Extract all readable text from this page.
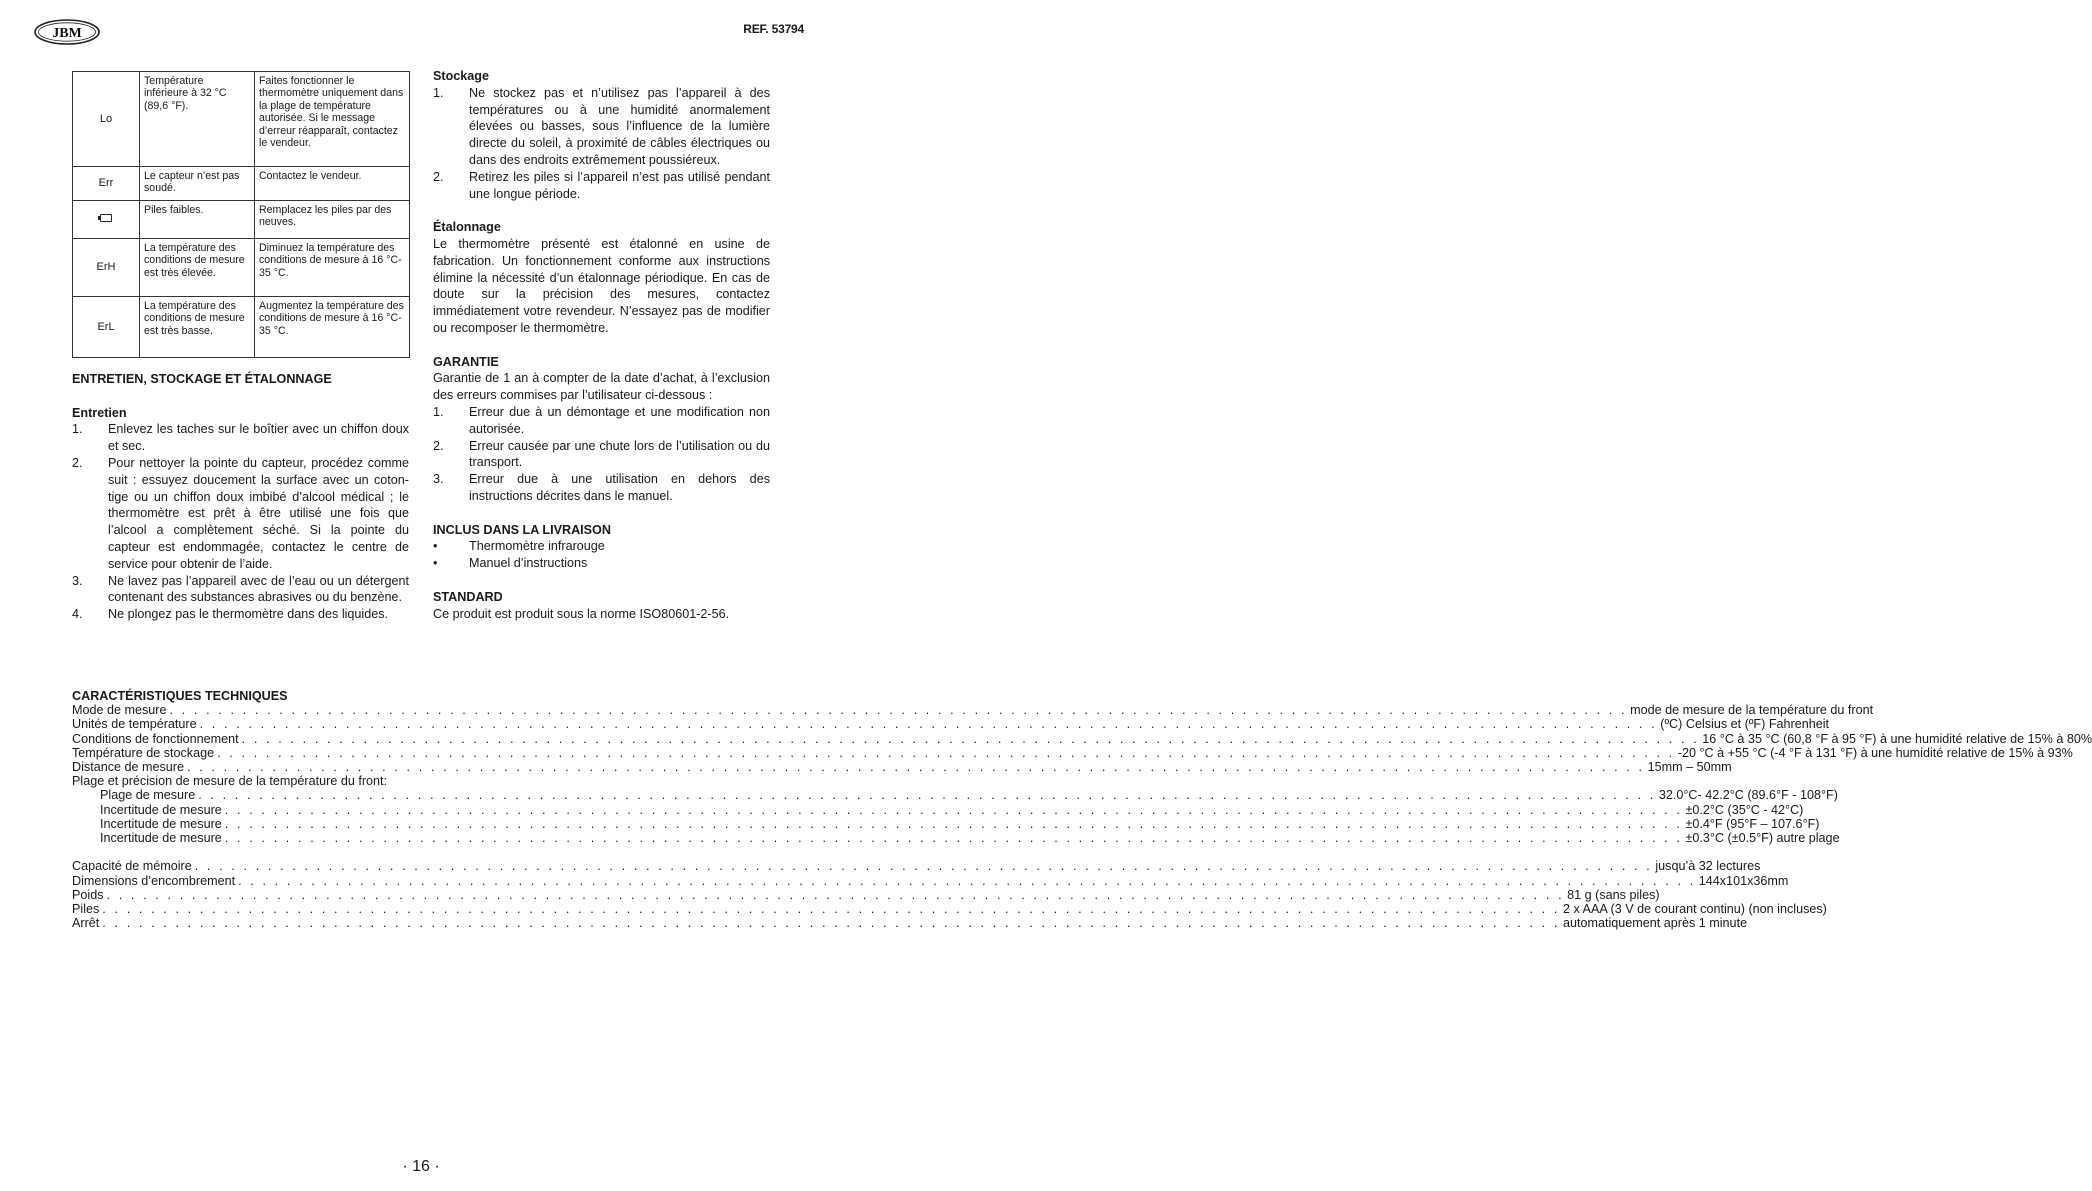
JBM	REF. 53794
Lo	Température inférieure à 32 °C (89,6 °F).	Faites fonctionner le thermomètre uniquement dans la plage de température autorisée. Si le message d’erreur réapparaît, contactez le vendeur.
Err	Le capteur n’est pas soudé.	Contactez le vendeur.
	Piles faibles.	Remplacez les piles par des neuves.
ErH	La température des conditions de mesure est très élevée.	Diminuez la température des conditions de mesure à 16 °C-35 °C.
ErL	La température des conditions de mesure est très basse.	Augmentez la température des conditions de mesure à 16 °C-35 °C.
ENTRETIEN, STOCKAGE ET ÉTALONNAGE
Entretien
1.	Enlevez les taches sur le boîtier avec un chiffon doux et sec.
2.	Pour nettoyer la pointe du capteur, procédez comme suit : essuyez doucement la surface avec un coton-tige ou un chiffon doux imbibé d’alcool médical ; le thermomètre est prêt à être utilisé une fois que l’alcool a complètement séché. Si la pointe du capteur est endommagée, contactez le centre de service pour obtenir de l’aide.
3.	Ne lavez pas l’appareil avec de l’eau ou un détergent contenant des substances abrasives ou du benzène.
4.	Ne plongez pas le thermomètre dans des liquides.
Stockage
1.	Ne stockez pas et n’utilisez pas l’appareil à des températures ou à une humidité anormalement élevées ou basses, sous l’influence de la lumière directe du soleil, à proximité de câbles électriques ou dans des endroits extrêmement poussiéreux.
2.	Retirez les piles si l’appareil n’est pas utilisé pendant une longue période.
Étalonnage
Le thermomètre présenté est étalonné en usine de fabrication. Un fonctionnement conforme aux instructions élimine la nécessité d’un étalonnage périodique. En cas de doute sur la précision des mesures, contactez immédiatement votre revendeur. N’essayez pas de modifier ou recomposer le thermomètre.
GARANTIE
Garantie de 1 an à compter de la date d’achat, à l’exclusion des erreurs commises par l’utilisateur ci-dessous :
1.	Erreur due à un démontage et une modification non autorisée.
2.	Erreur causée par une chute lors de l’utilisation ou du transport.
3.	Erreur due à une utilisation en dehors des instructions décrites dans le manuel.
INCLUS DANS LA LIVRAISON
•	Thermomètre infrarouge
•	Manuel d’instructions
STANDARD
Ce produit est produit sous la norme ISO80601-2-56.
CARACTÉRISTIQUES TECHNIQUES
Mode de mesure . . . . . . . . . . . . . . . . . . . . . . . . . . . . . . . . . . . . . . . . . . . . . . . . . . . . . . . . . . . . . . . . . . . . . . . . . . . . . . . . . . . . . . . . . . . . . . . . . . . . . . . . . . . . . . . . . . . . . . . . mode de mesure de la température du front
Unités de température . . . . . . . . . . . . . . . . . . . . . . . . . . . . . . . . . . . . . . . . . . . . . . . . . . . . . . . . . . . . . . . . . . . . . . . . . . . . . . . . . . . . . . . . . . . . . . . . . . . . . . . . . . . . . . . . . . . . . . . . (ºC) Celsius et (ºF) Fahrenheit
Conditions de fonctionnement . . . . . . . . . . . . . . . . . . . . . . . . . . . . . . . . . . . . . . . . . . . . . . . . . . . . . . . . . . . . . . . . . . . . . . . . . . . . . . . . . . . . . . . . . . . . . . . . . . . . . . . . . . . . . . . . . . . . . . . . 16 °C à 35 °C (60,8 °F à 95 °F) à une humidité relative de 15% à 80%
Température de stockage . . . . . . . . . . . . . . . . . . . . . . . . . . . . . . . . . . . . . . . . . . . . . . . . . . . . . . . . . . . . . . . . . . . . . . . . . . . . . . . . . . . . . . . . . . . . . . . . . . . . . . . . . . . . . . . . . . . . . . . . -20 °C à +55 °C (-4 °F à 131 °F) à une humidité relative de 15% à 93%
Distance de mesure . . . . . . . . . . . . . . . . . . . . . . . . . . . . . . . . . . . . . . . . . . . . . . . . . . . . . . . . . . . . . . . . . . . . . . . . . . . . . . . . . . . . . . . . . . . . . . . . . . . . . . . . . . . . . . . . . . . . . . . . 15mm – 50mm
Plage et précision de mesure de la température du front:
Plage de mesure . . . . . . . . . . . . . . . . . . . . . . . . . . . . . . . . . . . . . . . . . . . . . . . . . . . . . . . . . . . . . . . . . . . . . . . . . . . . . . . . . . . . . . . . . . . . . . . . . . . . . . . . . . . . . . . . . . . . . . . . 32.0°C- 42.2°C (89.6°F - 108°F)
Incertitude de mesure . . . . . . . . . . . . . . . . . . . . . . . . . . . . . . . . . . . . . . . . . . . . . . . . . . . . . . . . . . . . . . . . . . . . . . . . . . . . . . . . . . . . . . . . . . . . . . . . . . . . . . . . . . . . . . . . . . . . . . . . ±0.2°C (35°C - 42°C)
Incertitude de mesure . . . . . . . . . . . . . . . . . . . . . . . . . . . . . . . . . . . . . . . . . . . . . . . . . . . . . . . . . . . . . . . . . . . . . . . . . . . . . . . . . . . . . . . . . . . . . . . . . . . . . . . . . . . . . . . . . . . . . . . . ±0.4°F (95°F – 107.6°F)
Incertitude de mesure . . . . . . . . . . . . . . . . . . . . . . . . . . . . . . . . . . . . . . . . . . . . . . . . . . . . . . . . . . . . . . . . . . . . . . . . . . . . . . . . . . . . . . . . . . . . . . . . . . . . . . . . . . . . . . . . . . . . . . . . ±0.3°C (±0.5°F) autre plage
Capacité de mémoire . . . . . . . . . . . . . . . . . . . . . . . . . . . . . . . . . . . . . . . . . . . . . . . . . . . . . . . . . . . . . . . . . . . . . . . . . . . . . . . . . . . . . . . . . . . . . . . . . . . . . . . . . . . . . . . . . . . . . . . . jusqu’à 32 lectures
Dimensions d’encombrement . . . . . . . . . . . . . . . . . . . . . . . . . . . . . . . . . . . . . . . . . . . . . . . . . . . . . . . . . . . . . . . . . . . . . . . . . . . . . . . . . . . . . . . . . . . . . . . . . . . . . . . . . . . . . . . . . . . . . . . . 144x101x36mm
Poids . . . . . . . . . . . . . . . . . . . . . . . . . . . . . . . . . . . . . . . . . . . . . . . . . . . . . . . . . . . . . . . . . . . . . . . . . . . . . . . . . . . . . . . . . . . . . . . . . . . . . . . . . . . . . . . . . . . . . . . . 81 g (sans piles)
Piles . . . . . . . . . . . . . . . . . . . . . . . . . . . . . . . . . . . . . . . . . . . . . . . . . . . . . . . . . . . . . . . . . . . . . . . . . . . . . . . . . . . . . . . . . . . . . . . . . . . . . . . . . . . . . . . . . . . . . . . . 2 x AAA (3 V de courant continu) (non incluses)
Arrêt . . . . . . . . . . . . . . . . . . . . . . . . . . . . . . . . . . . . . . . . . . . . . . . . . . . . . . . . . . . . . . . . . . . . . . . . . . . . . . . . . . . . . . . . . . . . . . . . . . . . . . . . . . . . . . . . . . . . . . . . automatiquement après 1 minute
· 16 ·
